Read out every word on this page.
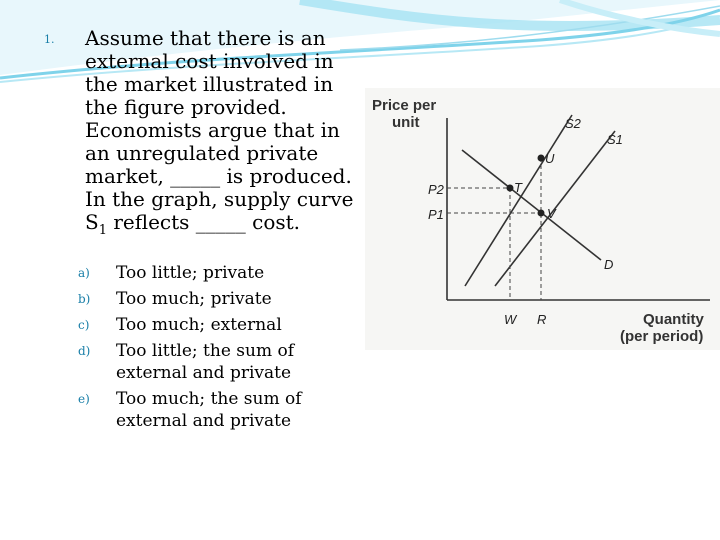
1. Assume that there is an external cost involved in the market illustrated in the figure provided. Economists argue that in an unregulated private market, _____ is produced. In the graph, supply curve $S_1$ reflects _____ cost.
a)	Too little; private
b)	Too much; private
c)	Too much; external
d)	Too little; the sum of external and private
e)	Too much; the sum of external and private
Price per
unit
Quantity
(per period)
S2
S1
D
U
T
V
P2
P1
W R
